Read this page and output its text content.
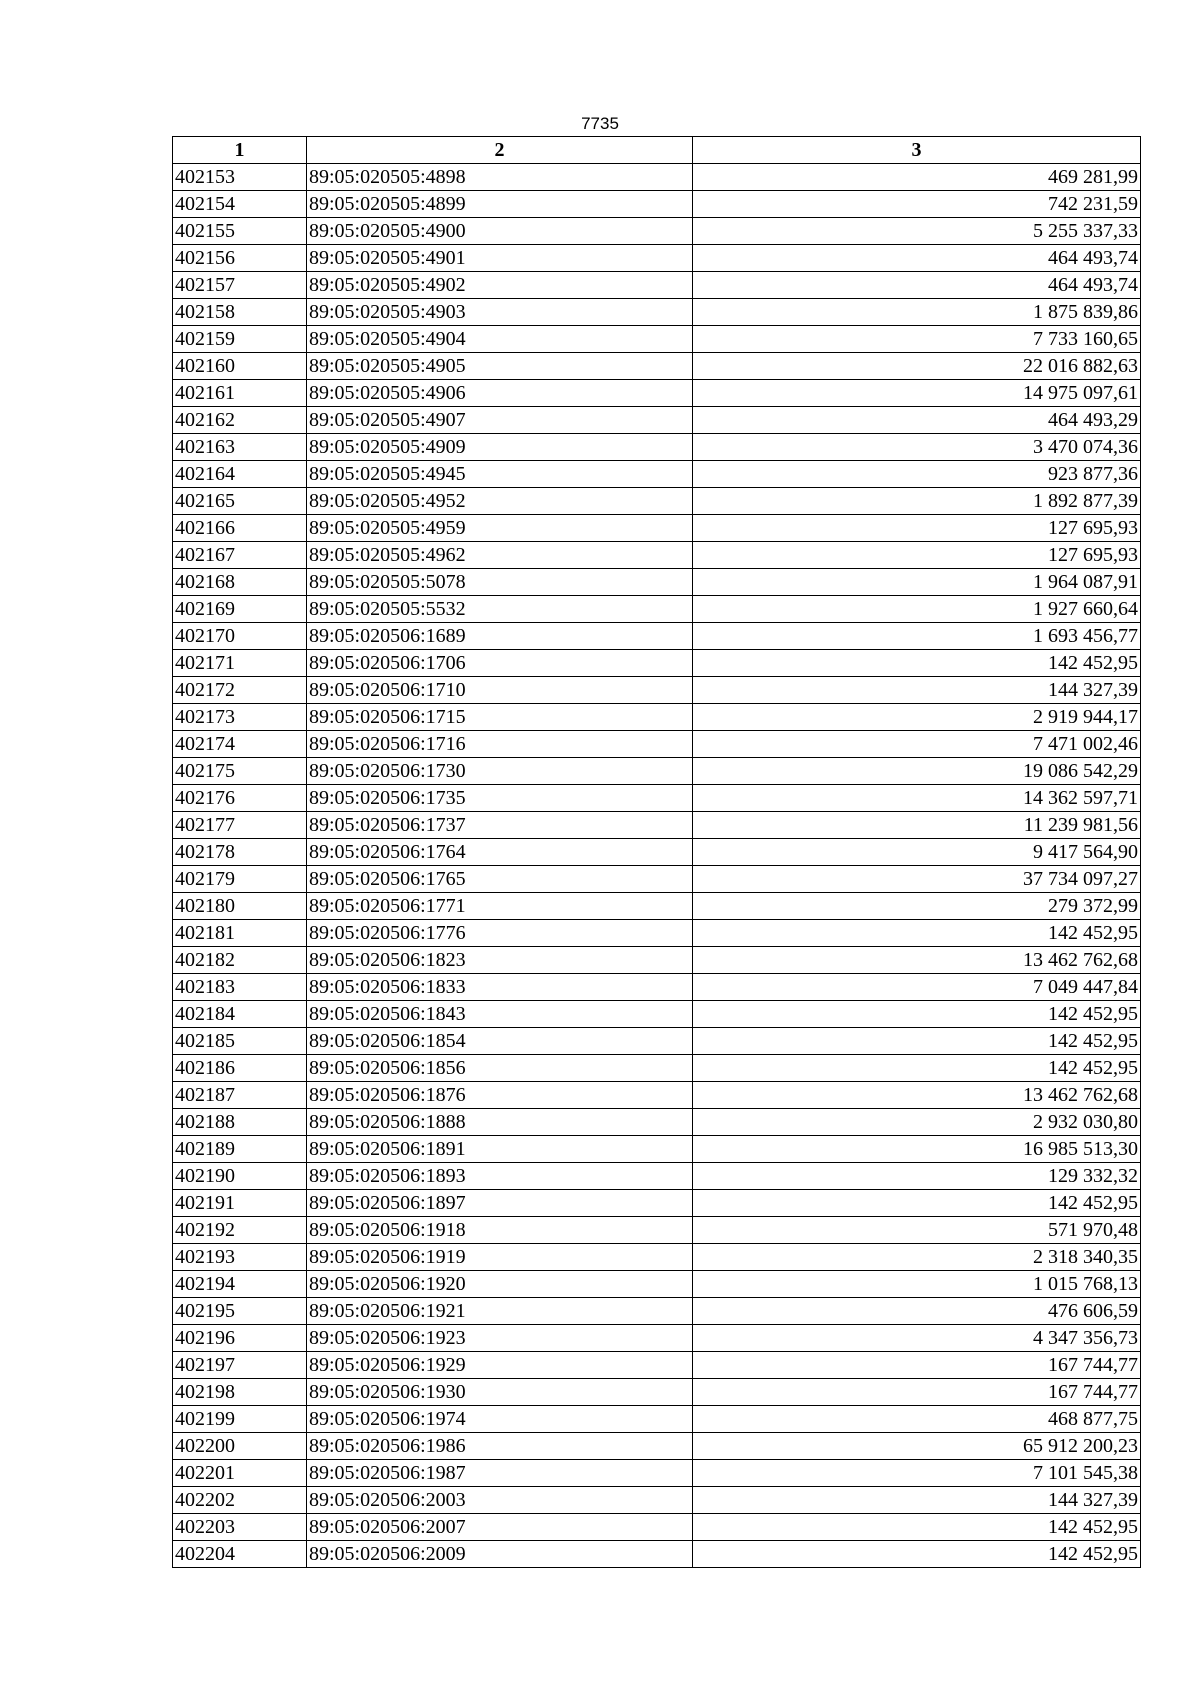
7735
1	2	3
402153	89:05:020505:4898	469 281,99
402154	89:05:020505:4899	742 231,59
402155	89:05:020505:4900	5 255 337,33
402156	89:05:020505:4901	464 493,74
402157	89:05:020505:4902	464 493,74
402158	89:05:020505:4903	1 875 839,86
402159	89:05:020505:4904	7 733 160,65
402160	89:05:020505:4905	22 016 882,63
402161	89:05:020505:4906	14 975 097,61
402162	89:05:020505:4907	464 493,29
402163	89:05:020505:4909	3 470 074,36
402164	89:05:020505:4945	923 877,36
402165	89:05:020505:4952	1 892 877,39
402166	89:05:020505:4959	127 695,93
402167	89:05:020505:4962	127 695,93
402168	89:05:020505:5078	1 964 087,91
402169	89:05:020505:5532	1 927 660,64
402170	89:05:020506:1689	1 693 456,77
402171	89:05:020506:1706	142 452,95
402172	89:05:020506:1710	144 327,39
402173	89:05:020506:1715	2 919 944,17
402174	89:05:020506:1716	7 471 002,46
402175	89:05:020506:1730	19 086 542,29
402176	89:05:020506:1735	14 362 597,71
402177	89:05:020506:1737	11 239 981,56
402178	89:05:020506:1764	9 417 564,90
402179	89:05:020506:1765	37 734 097,27
402180	89:05:020506:1771	279 372,99
402181	89:05:020506:1776	142 452,95
402182	89:05:020506:1823	13 462 762,68
402183	89:05:020506:1833	7 049 447,84
402184	89:05:020506:1843	142 452,95
402185	89:05:020506:1854	142 452,95
402186	89:05:020506:1856	142 452,95
402187	89:05:020506:1876	13 462 762,68
402188	89:05:020506:1888	2 932 030,80
402189	89:05:020506:1891	16 985 513,30
402190	89:05:020506:1893	129 332,32
402191	89:05:020506:1897	142 452,95
402192	89:05:020506:1918	571 970,48
402193	89:05:020506:1919	2 318 340,35
402194	89:05:020506:1920	1 015 768,13
402195	89:05:020506:1921	476 606,59
402196	89:05:020506:1923	4 347 356,73
402197	89:05:020506:1929	167 744,77
402198	89:05:020506:1930	167 744,77
402199	89:05:020506:1974	468 877,75
402200	89:05:020506:1986	65 912 200,23
402201	89:05:020506:1987	7 101 545,38
402202	89:05:020506:2003	144 327,39
402203	89:05:020506:2007	142 452,95
402204	89:05:020506:2009	142 452,95
